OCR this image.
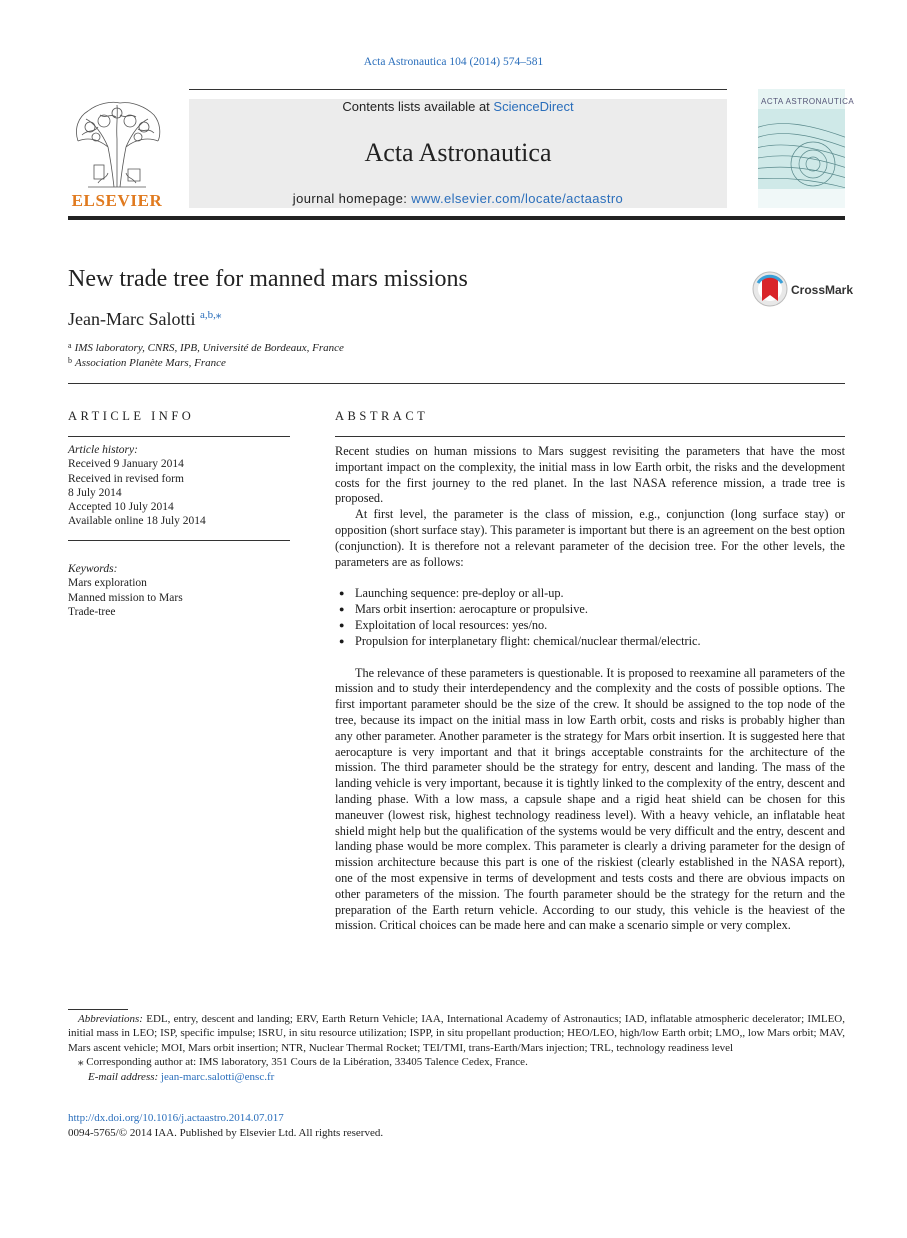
Acta Astronautica 104 (2014) 574–581
ELSEVIER
Contents lists available at ScienceDirect
Acta Astronautica
journal homepage: www.elsevier.com/locate/actaastro
ACTA ASTRONAUTICA
New trade tree for manned mars missions	CrossMark
Jean-Marc Salotti $^{a,b,⁎}$
$^a$ IMS laboratory, CNRS, IPB, Université de Bordeaux, France
$^b$ Association Planète Mars, France
ARTICLE INFO
Article history:
Received 9 January 2014
Received in revised form
8 July 2014
Accepted 10 July 2014
Available online 18 July 2014
Keywords:
Mars exploration
Manned mission to Mars
Trade-tree
ABSTRACT

Recent studies on human missions to Mars suggest revisiting the parameters that have the most important impact on the complexity, the initial mass in low Earth orbit, the risks and the development costs for the first journey to the red planet. In the last NASA reference mission, a trade tree is proposed.

At first level, the parameter is the class of mission, e.g., conjunction (long surface stay) or opposition (short surface stay). This parameter is important but there is an agreement on the best option (conjunction). It is therefore not a relevant parameter of the decision tree. For the other levels, the parameters are as follows:

● Launching sequence: pre-deploy or all-up.
● Mars orbit insertion: aerocapture or propulsive.
● Exploitation of local resources: yes/no.
● Propulsion for interplanetary flight: chemical/nuclear thermal/electric.

The relevance of these parameters is questionable. It is proposed to reexamine all parameters of the mission and to study their interdependency and the complexity and the costs of possible options. The first important parameter should be the size of the crew. It should be assigned to the top node of the tree, because its impact on the initial mass in low Earth orbit, costs and risks is probably higher than any other parameter. Another parameter is the strategy for Mars orbit insertion. It is suggested here that aerocapture is very important and that it brings acceptable constraints for the architecture of the mission. The third parameter should be the strategy for entry, descent and landing. The mass of the landing vehicle is very important, because it is tightly linked to the complexity of the entry, descent and landing phase. With a low mass, a capsule shape and a rigid heat shield can be chosen for this maneuver (lowest risk, highest technology readiness level). With a heavy vehicle, an inflatable heat shield might help but the qualification of the systems would be very difficult and the entry, descent and landing phase would be more complex. This parameter is clearly a driving parameter for the design of mission architecture because this part is one of the riskiest (clearly established in the NASA report), one of the most expensive in terms of development and tests costs and there are obvious impacts on other parameters of the mission. The fourth parameter should be the strategy for the return and the preparation of the Earth return vehicle. According to our study, this vehicle is the heaviest of the mission. Critical choices can be made here and can make a scenario simple or very complex.

Abbreviations: EDL, entry, descent and landing; ERV, Earth Return Vehicle; IAA, International Academy of Astronautics; IAD, inflatable atmospheric decelerator; IMLEO, initial mass in LEO; ISP, specific impulse; ISRU, in situ resource utilization; ISPP, in situ propellant production; HEO/LEO, high/low Earth orbit; LMO,, low Mars orbit; MAV, Mars ascent vehicle; MOI, Mars orbit insertion; NTR, Nuclear Thermal Rocket; TEI/TMI, trans-Earth/Mars injection; TRL, technology readiness level

⁎ Corresponding author at: IMS laboratory, 351 Cours de la Libération, 33405 Talence Cedex, France.

E-mail address: jean-marc.salotti@ensc.fr

http://dx.doi.org/10.1016/j.actaastro.2014.07.017
0094-5765/© 2014 IAA. Published by Elsevier Ltd. All rights reserved.
